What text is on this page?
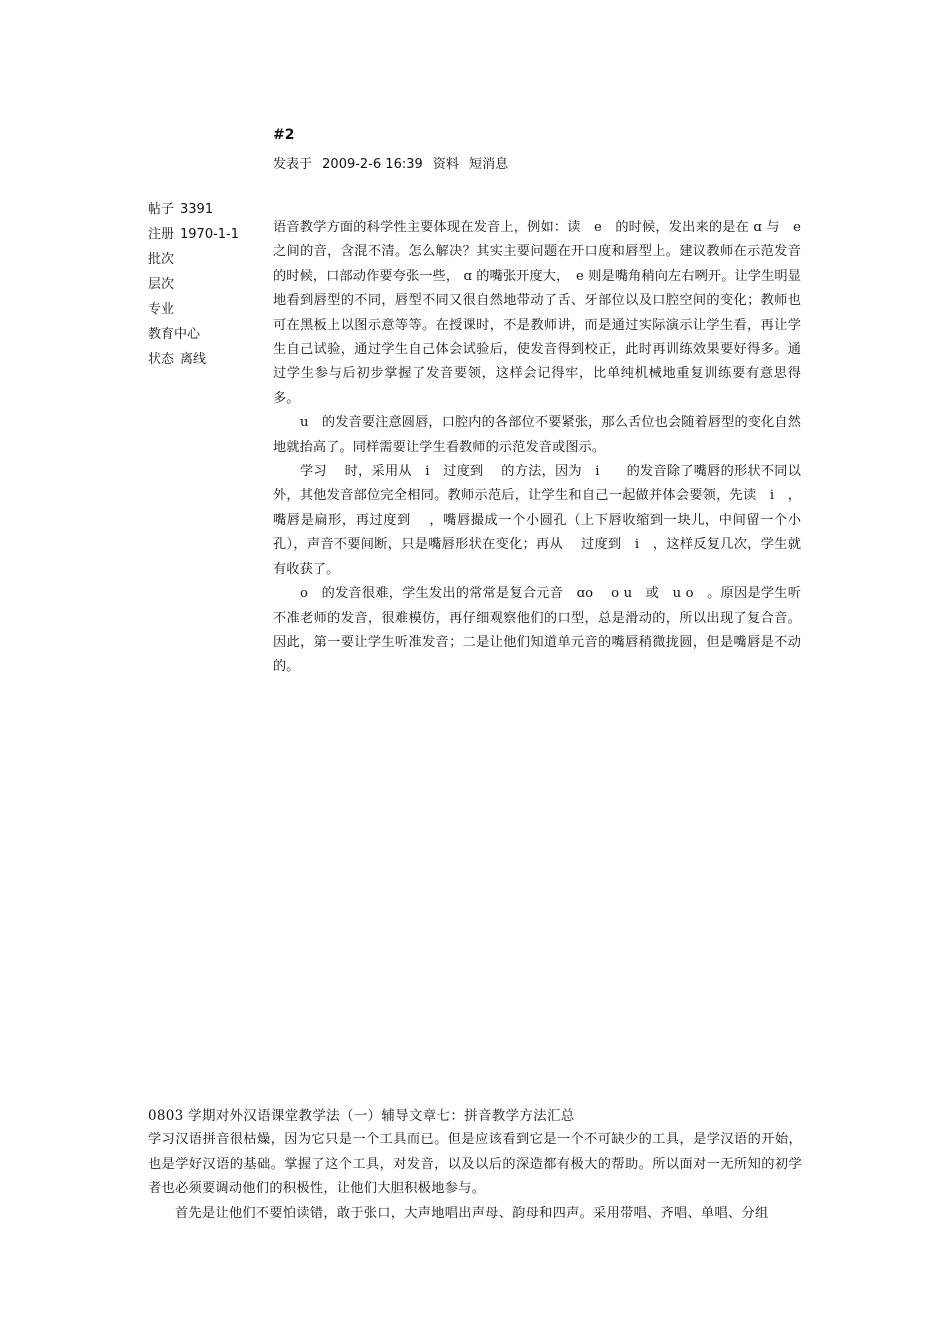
#2
发表于 2009-2-6 16:39 资料 短消息
帖子 3391
注册 1970-1-1
批次
层次
专业
教育中心
状态 离线

语音教学方面的科学性主要体现在发音上，例如：读　e　的时候，发出来的是在 ɑ 与　e 之间的音，含混不清。怎么解决？其实主要问题在开口度和唇型上。建议教师在示范发音的时候，口部动作要夸张一些， ɑ 的嘴张开度大，　e 则是嘴角稍向左右咧开。让学生明显地看到唇型的不同，唇型不同又很自然地带动了舌、牙部位以及口腔空间的变化；教师也可在黑板上以图示意等等。在授课时，不是教师讲，而是通过实际演示让学生看，再让学生自己试验，通过学生自己体会试验后，使发音得到校正，此时再训练效果要好得多。通过学生参与后初步掌握了发音要领，这样会记得牢，比单纯机械地重复训练要有意思得多。

u　的发音要注意圆唇，口腔内的各部位不要紧张，那么舌位也会随着唇型的变化自然地就抬高了。同样需要让学生看教师的示范发音或图示。

学习　 时，采用从　i　过度到　 的方法，因为　i　　的发音除了嘴唇的形状不同以外，其他发音部位完全相同。教师示范后，让学生和自己一起做并体会要领，先读　i　，嘴唇是扁形，再过度到　 ，嘴唇撮成一个小圆孔（上下唇收缩到一块儿，中间留一个小孔），声音不要间断，只是嘴唇形状在变化；再从　 过度到　i　，这样反复几次，学生就有收获了。

o　的发音很难，学生发出的常常是复合元音　ɑo　 o u　或　u o　。原因是学生听不准老师的发音，很难模仿，再仔细观察他们的口型，总是滑动的，所以出现了复合音。因此，第一要让学生听准发音；二是让他们知道单元音的嘴唇稍微拢圆，但是嘴唇是不动的。

0803 学期对外汉语课堂教学法（一）辅导文章七：拼音教学方法汇总

学习汉语拼音很枯燥，因为它只是一个工具而已。但是应该看到它是一个不可缺少的工具，是学汉语的开始，也是学好汉语的基础。掌握了这个工具，对发音，以及以后的深造都有极大的帮助。所以面对一无所知的初学者也必须要调动他们的积极性，让他们大胆积极地参与。

首先是让他们不要怕读错，敢于张口，大声地唱出声母、韵母和四声。采用带唱、齐唱、单唱、分组
